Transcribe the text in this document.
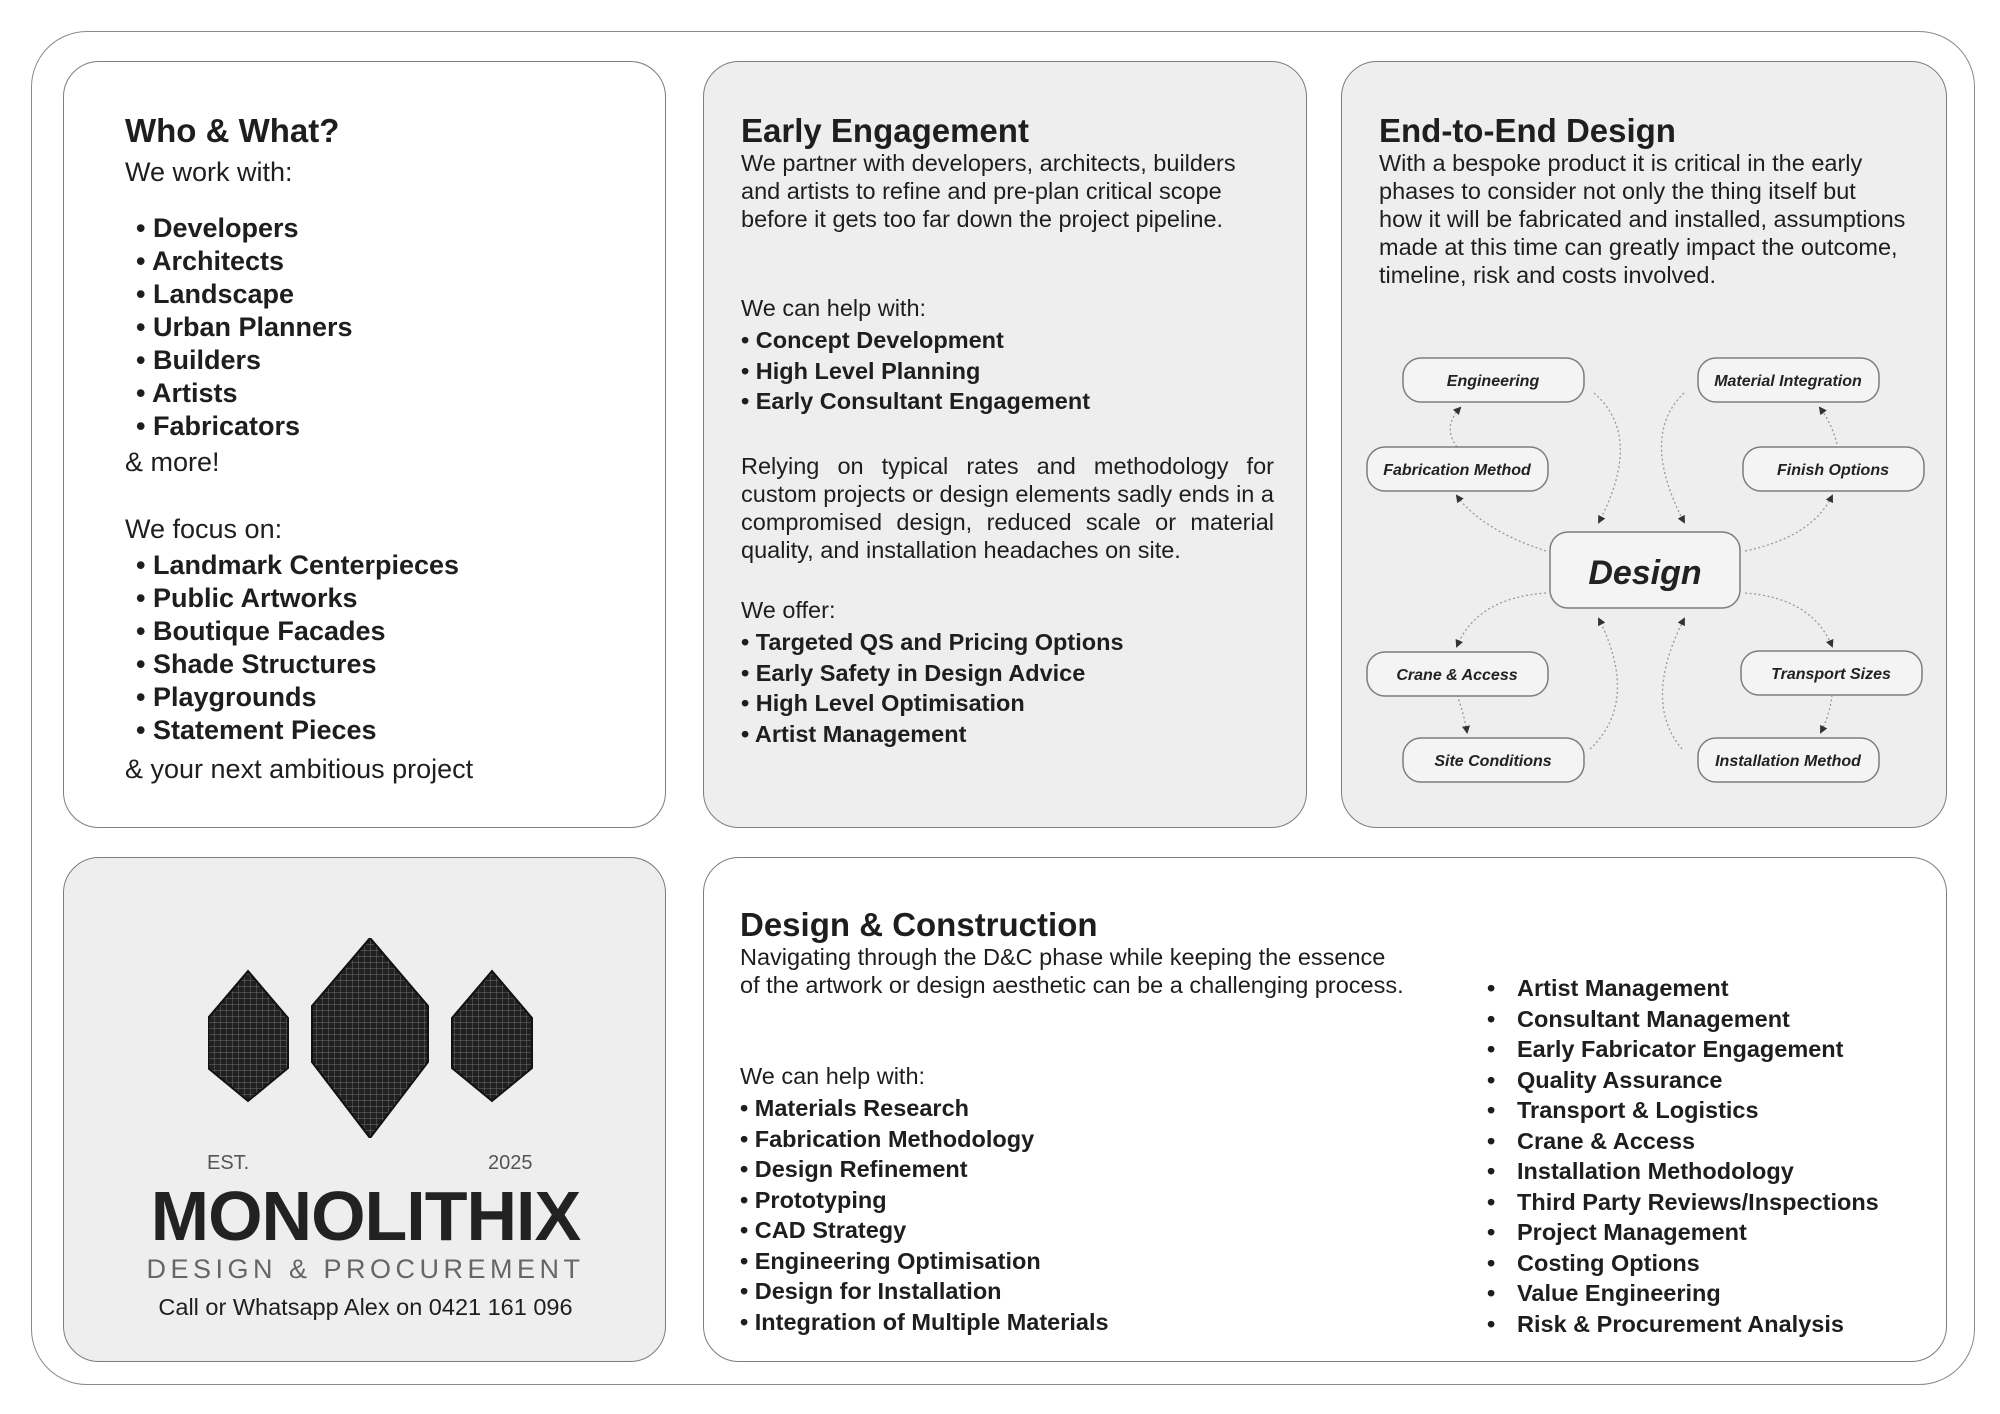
Who & What?
We work with:
• Developers
• Architects
• Landscape
• Urban Planners
• Builders
• Artists
• Fabricators
& more!
We focus on:
• Landmark Centerpieces
• Public Artworks
• Boutique Facades
• Shade Structures
• Playgrounds
• Statement Pieces
& your next ambitious project
Early Engagement
We partner with developers, architects, builders
and artists to refine and pre-plan critical scope
before it gets too far down the project pipeline.
We can help with:
• Concept Development
• High Level Planning
• Early Consultant Engagement
Relying on typical rates and methodology for custom projects or design elements sadly ends in a compromised design, reduced scale or material quality, and installation headaches on site.
We offer:
• Targeted QS and Pricing Options
• Early Safety in Design Advice
• High Level Optimisation
• Artist Management
Engineering	Material Integration
Fabrication Method	Finish Options
Design
Crane & Access	Transport Sizes
Site Conditions	Installation Method
End-to-End Design
With a bespoke product it is critical in the early
phases to consider not only the thing itself but
how it will be fabricated and installed, assumptions
made at this time can greatly impact the outcome,
timeline, risk and costs involved.
EST.	2025
MONOLITHIX
DESIGN & PROCUREMENT
Call or Whatsapp Alex on 0421 161 096
Design & Construction
Navigating through the D&C phase while keeping the essence
of the artwork or design aesthetic can be a challenging process.
We can help with:
• Materials Research
• Fabrication Methodology
• Design Refinement
• Prototyping
• CAD Strategy
• Engineering Optimisation
• Design for Installation
• Integration of Multiple Materials
• Artist Management
• Consultant Management
• Early Fabricator Engagement
• Quality Assurance
• Transport & Logistics
• Crane & Access
• Installation Methodology
• Third Party Reviews/Inspections
• Project Management
• Costing Options
• Value Engineering
• Risk & Procurement Analysis
